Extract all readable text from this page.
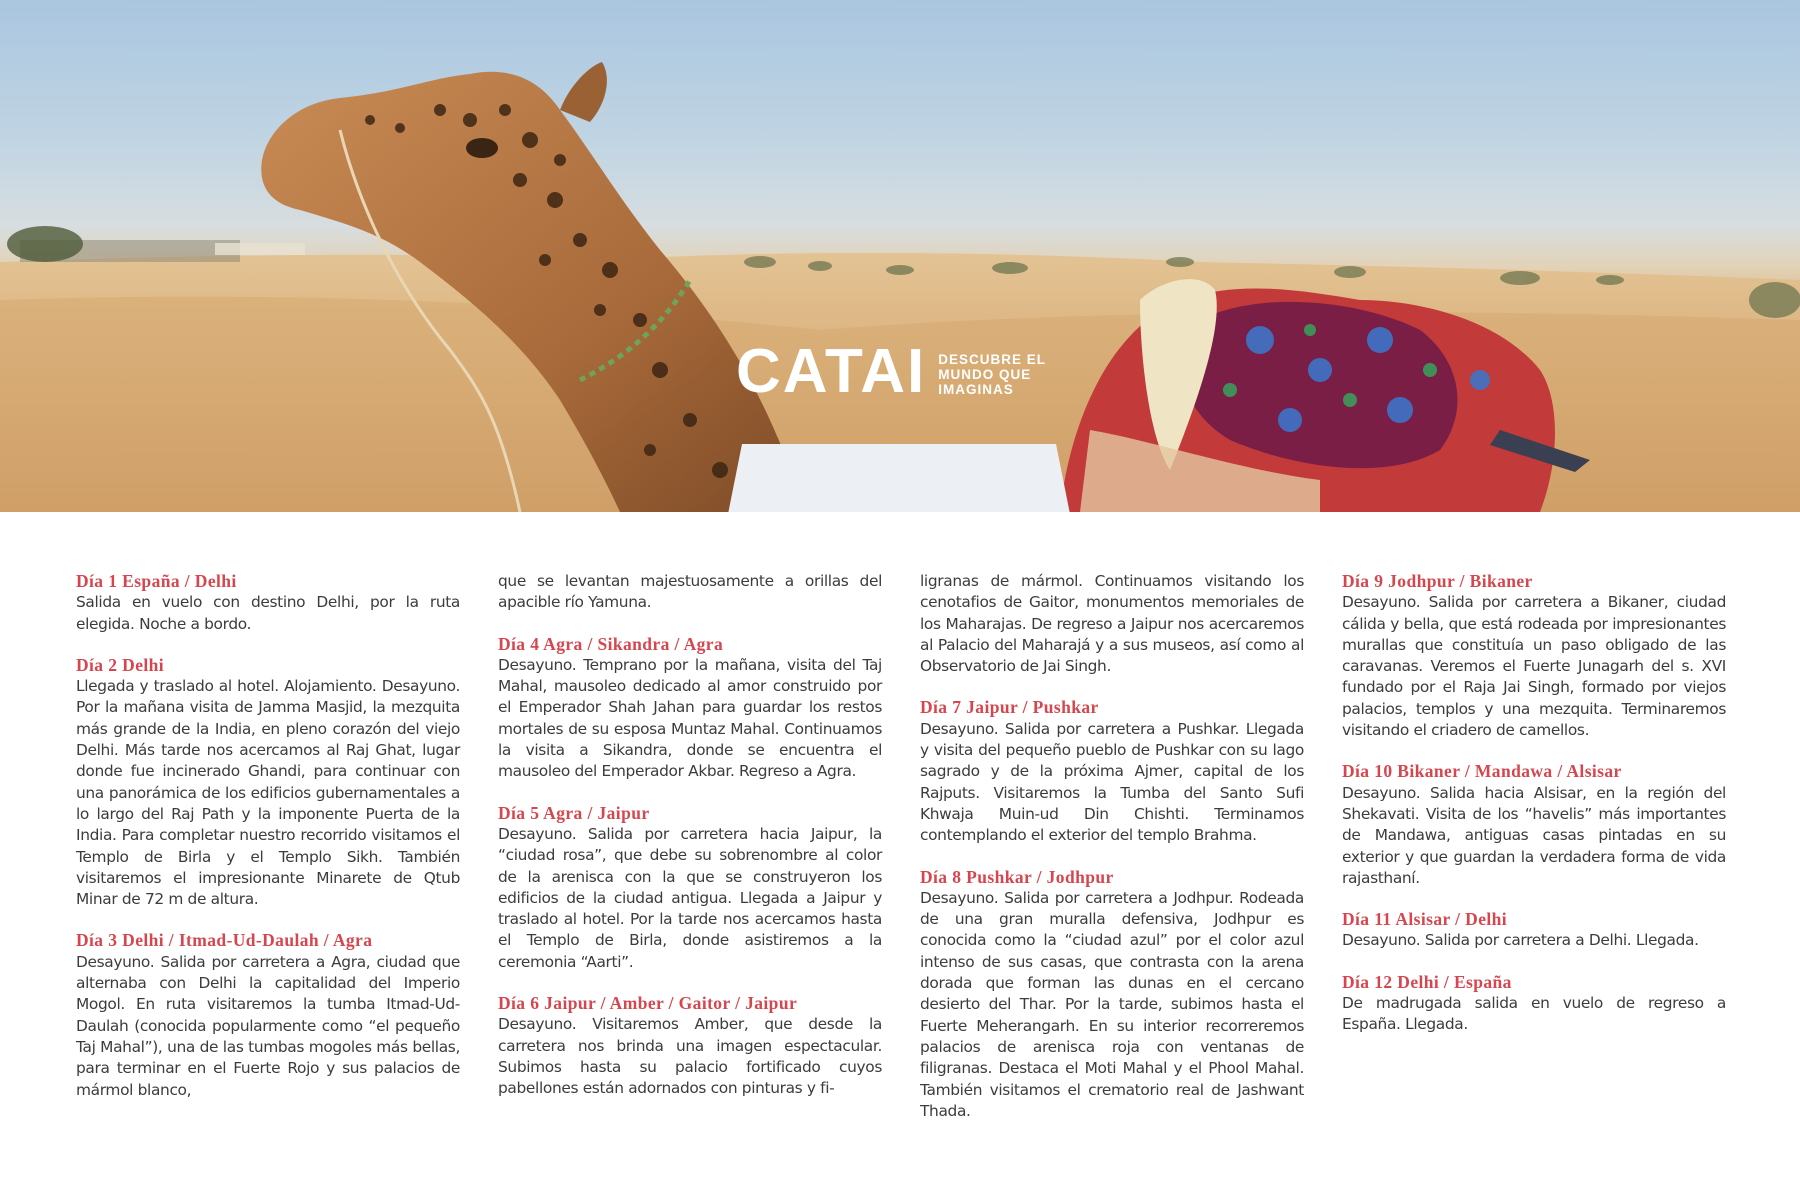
CATAI DESCUBRE EL MUNDO QUE IMAGINAS
Día 1 España / Delhi

Salida en vuelo con destino Delhi, por la ruta elegida. Noche a bordo.

Día 2 Delhi

Llegada y traslado al hotel. Alojamiento. Desayuno. Por la mañana visita de Jamma Masjid, la mezquita más grande de la India, en pleno corazón del viejo Delhi. Más tarde nos acercamos al Raj Ghat, lugar donde fue incinerado Ghandi, para continuar con una panorámica de los edificios gubernamentales a lo largo del Raj Path y la imponente Puerta de la India. Para completar nuestro recorrido visitamos el Templo de Birla y el Templo Sikh. También visitaremos el impresionante Minarete de Qtub Minar de 72 m de altura.

Día 3 Delhi / Itmad-Ud-Daulah / Agra

Desayuno. Salida por carretera a Agra, ciudad que alternaba con Delhi la capitalidad del Imperio Mogol. En ruta visitaremos la tumba Itmad-Ud-Daulah (conocida popularmente como “el pequeño Taj Mahal”), una de las tumbas mogoles más bellas, para terminar en el Fuerte Rojo y sus palacios de mármol blanco,

que se levantan majestuosamente a orillas del apacible río Yamuna.

Día 4 Agra / Sikandra / Agra

Desayuno. Temprano por la mañana, visita del Taj Mahal, mausoleo dedicado al amor construido por el Emperador Shah Jahan para guardar los restos mortales de su esposa Muntaz Mahal. Continuamos la visita a Sikandra, donde se encuentra el mausoleo del Emperador Akbar. Regreso a Agra.

Día 5 Agra / Jaipur

Desayuno. Salida por carretera hacia Jaipur, la “ciudad rosa”, que debe su sobrenombre al color de la arenisca con la que se construyeron los edificios de la ciudad antigua. Llegada a Jaipur y traslado al hotel. Por la tarde nos acercamos hasta el Templo de Birla, donde asistiremos a la ceremonia “Aarti”.

Día 6 Jaipur / Amber / Gaitor / Jaipur

Desayuno. Visitaremos Amber, que desde la carretera nos brinda una imagen espectacular. Subimos hasta su palacio fortificado cuyos pabellones están adornados con pinturas y fi-

ligranas de mármol. Continuamos visitando los cenotafios de Gaitor, monumentos memoriales de los Maharajas. De regreso a Jaipur nos acercaremos al Palacio del Maharajá y a sus museos, así como al Observatorio de Jai Singh.

Día 7 Jaipur / Pushkar

Desayuno. Salida por carretera a Pushkar. Llegada y visita del pequeño pueblo de Pushkar con su lago sagrado y de la próxima Ajmer, capital de los Rajputs. Visitaremos la Tumba del Santo Sufi Khwaja Muin-ud Din Chishti. Terminamos contemplando el exterior del templo Brahma.

Día 8 Pushkar / Jodhpur

Desayuno. Salida por carretera a Jodhpur. Rodeada de una gran muralla defensiva, Jodhpur es conocida como la “ciudad azul” por el color azul intenso de sus casas, que contrasta con la arena dorada que forman las dunas en el cercano desierto del Thar. Por la tarde, subimos hasta el Fuerte Meherangarh. En su interior recorreremos palacios de arenisca roja con ventanas de filigranas. Destaca el Moti Mahal y el Phool Mahal. También visitamos el crematorio real de Jashwant Thada.

Día 9 Jodhpur / Bikaner

Desayuno. Salida por carretera a Bikaner, ciudad cálida y bella, que está rodeada por impresionantes murallas que constituía un paso obligado de las caravanas. Veremos el Fuerte Junagarh del s. XVI fundado por el Raja Jai Singh, formado por viejos palacios, templos y una mezquita. Terminaremos visitando el criadero de camellos.

Día 10 Bikaner / Mandawa / Alsisar

Desayuno. Salida hacia Alsisar, en la región del Shekavati. Visita de los “havelis” más importantes de Mandawa, antiguas casas pintadas en su exterior y que guardan la verdadera forma de vida rajasthaní.

Día 11 Alsisar / Delhi

Desayuno. Salida por carretera a Delhi. Llegada.

Día 12 Delhi / España

De madrugada salida en vuelo de regreso a España. Llegada.
